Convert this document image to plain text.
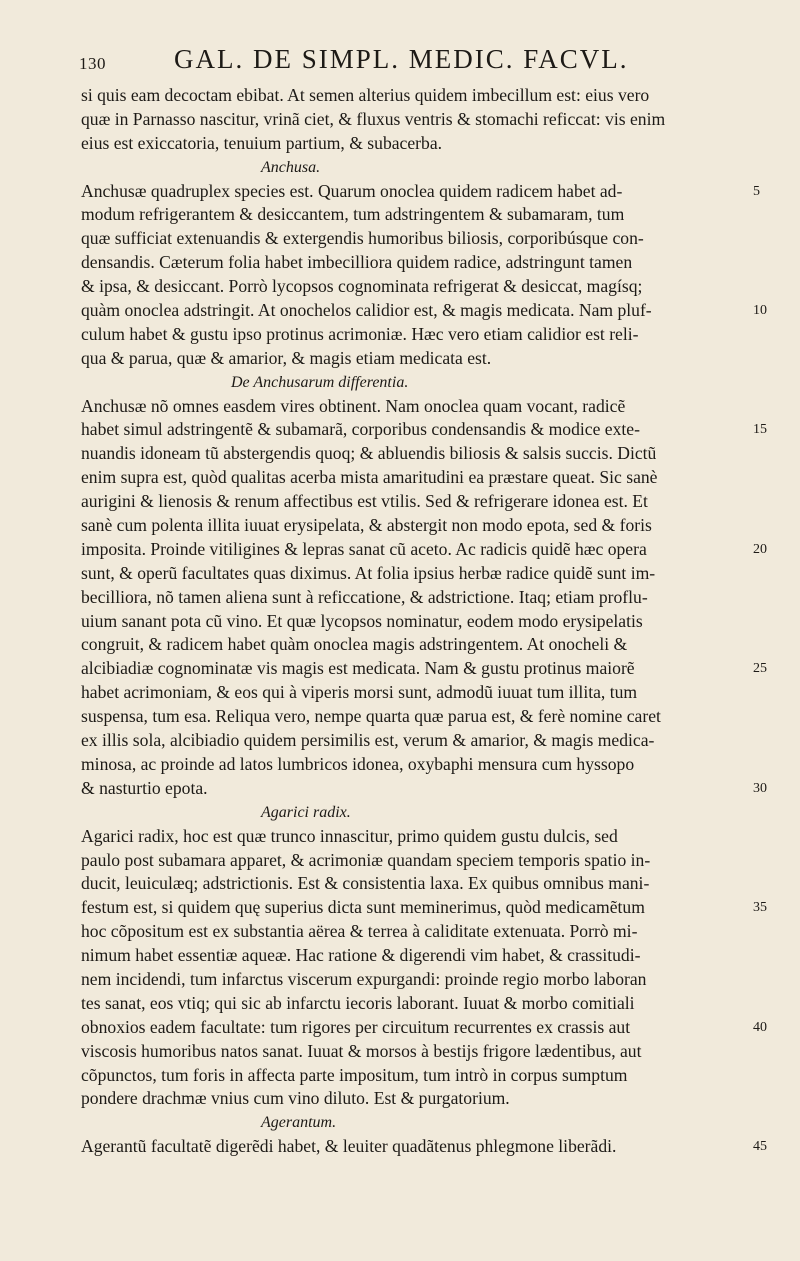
130	GAL. DE SIMPL. MEDIC. FACVL.
si quis eam decoctam ebibat. At semen alterius quidem imbecillum est: eius vero
quæ in Parnasso nascitur, vrinã ciet, & fluxus ventris & stomachi reficcat: vis enim
eius est exiccatoria, tenuium partium, & subacerba.
Anchusa.
Anchusæ quadruplex species est. Quarum onoclea quidem radicem habet ad-	5
modum refrigerantem & desiccantem, tum adstringentem & subamaram, tum
quæ sufficiat extenuandis & extergendis humoribus biliosis, corporibúsque con-
densandis. Cæterum folia habet imbecilliora quidem radice, adstringunt tamen
& ipsa, & desiccant. Porrò lycopsos cognominata refrigerat & desiccat, magísq;
quàm onoclea adstringit. At onochelos calidior est, & magis medicata. Nam pluf-	10
culum habet & gustu ipso protinus acrimoniæ. Hæc vero etiam calidior est reli-
qua & parua, quæ & amarior, & magis etiam medicata est.
De Anchusarum differentia.
Anchusæ nõ omnes easdem vires obtinent. Nam onoclea quam vocant, radicẽ
habet simul adstringentẽ & subamarã, corporibus condensandis & modice exte-	15
nuandis idoneam tũ abstergendis quoq; & abluendis biliosis & salsis succis. Dictũ
enim supra est, quòd qualitas acerba mista amaritudini ea præstare queat. Sic sanè
aurigini & lienosis & renum affectibus est vtilis. Sed & refrigerare idonea est. Et
sanè cum polenta illita iuuat erysipelata, & abstergit non modo epota, sed & foris
imposita. Proinde vitiligines & lepras sanat cũ aceto. Ac radicis quidẽ hæc opera	20
sunt, & operũ facultates quas diximus. At folia ipsius herbæ radice quidẽ sunt im-
becilliora, nõ tamen aliena sunt à reficcatione, & adstrictione. Itaq; etiam proflu-
uium sanant pota cũ vino. Et quæ lycopsos nominatur, eodem modo erysipelatis
congruit, & radicem habet quàm onoclea magis adstringentem. At onocheli &
alcibiadiæ cognominatæ vis magis est medicata. Nam & gustu protinus maiorẽ	25
habet acrimoniam, & eos qui à viperis morsi sunt, admodũ iuuat tum illita, tum
suspensa, tum esa. Reliqua vero, nempe quarta quæ parua est, & ferè nomine caret
ex illis sola, alcibiadio quidem persimilis est, verum & amarior, & magis medica-
minosa, ac proinde ad latos lumbricos idonea, oxybaphi mensura cum hyssopo
& nasturtio epota.	30
Agarici radix.
Agarici radix, hoc est quæ trunco innascitur, primo quidem gustu dulcis, sed
paulo post subamara apparet, & acrimoniæ quandam speciem temporis spatio in-
ducit, leuiculæq; adstrictionis. Est & consistentia laxa. Ex quibus omnibus mani-
festum est, si quidem quę superius dicta sunt meminerimus, quòd medicamẽtum	35
hoc cõpositum est ex substantia aërea & terrea à caliditate extenuata. Porrò mi-
nimum habet essentiæ aqueæ. Hac ratione & digerendi vim habet, & crassitudi-
nem incidendi, tum infarctus viscerum expurgandi: proinde regio morbo laboran
tes sanat, eos vtiq; qui sic ab infarctu iecoris laborant. Iuuat & morbo comitiali
obnoxios eadem facultate: tum rigores per circuitum recurrentes ex crassis aut	40
viscosis humoribus natos sanat. Iuuat & morsos à bestijs frigore lædentibus, aut
cõpunctos, tum foris in affecta parte impositum, tum intrò in corpus sumptum
pondere drachmæ vnius cum vino diluto. Est & purgatorium.
Agerantum.
Agerantũ facultatẽ digerẽdi habet, & leuiter quadãtenus phlegmone liberãdi.	45
